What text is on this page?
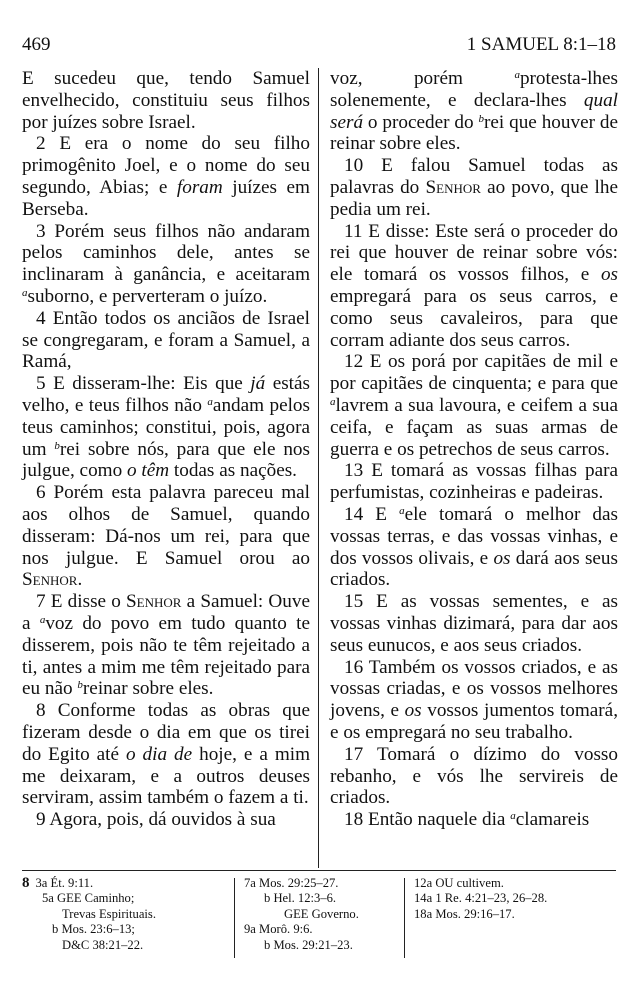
469	1 SAMUEL 8:1–18

E sucedeu que, tendo Samuel envelhecido, constituiu seus filhos por juízes sobre Israel.

2 E era o nome do seu filho primogênito Joel, e o nome do seu segundo, Abias; e foram juízes em Berseba.

3 Porém seus filhos não andaram pelos caminhos dele, antes se inclinaram à ganância, e aceitaram $^a$suborno, e perverteram o juízo.

4 Então todos os anciãos de Israel se congregaram, e foram a Samuel, a Ramá,

5 E disseram-lhe: Eis que já estás velho, e teus filhos não $^a$andam pelos teus caminhos; constitui, pois, agora um $^b$rei sobre nós, para que ele nos julgue, como o têm todas as nações.

6 Porém esta palavra pareceu mal aos olhos de Samuel, quando disseram: Dá-nos um rei, para que nos julgue. E Samuel orou ao Senhor.

7 E disse o Senhor a Samuel: Ouve a $^a$voz do povo em tudo quanto te disserem, pois não te têm rejeitado a ti, antes a mim me têm rejeitado para eu não $^b$reinar sobre eles.

8 Conforme todas as obras que fizeram desde o dia em que os tirei do Egito até o dia de hoje, e a mim me deixaram, e a outros deuses serviram, assim também o fazem a ti.

9 Agora, pois, dá ouvidos à sua

voz, porém $^a$protesta-lhes solenemente, e declara-lhes qual será o proceder do $^b$rei que houver de reinar sobre eles.

10 E falou Samuel todas as palavras do Senhor ao povo, que lhe pedia um rei.

11 E disse: Este será o proceder do rei que houver de reinar sobre vós: ele tomará os vossos filhos, e os empregará para os seus carros, e como seus cavaleiros, para que corram adiante dos seus carros.

12 E os porá por capitães de mil e por capitães de cinquenta; e para que $^a$lavrem a sua lavoura, e ceifem a sua ceifa, e façam as suas armas de guerra e os petrechos de seus carros.

13 E tomará as vossas filhas para perfumistas, cozinheiras e padeiras.

14 E $^a$ele tomará o melhor das vossas terras, e das vossas vinhas, e dos vossos olivais, e os dará aos seus criados.

15 E as vossas sementes, e as vossas vinhas dizimará, para dar aos seus eunucos, e aos seus criados.

16 Também os vossos criados, e as vossas criadas, e os vossos melhores jovens, e os vossos jumentos tomará, e os empregará no seu trabalho.

17 Tomará o dízimo do vosso rebanho, e vós lhe servireis de criados.

18 Então naquele dia $^a$clamareis

8 3a Ét. 9:11.
5a GEE Caminho;
Trevas Espirituais.
b Mos. 23:6–13;
D&C 38:21–22.
7a Mos. 29:25–27.
b Hel. 12:3–6.
GEE Governo.
9a Morô. 9:6.
b Mos. 29:21–23.
12a OU cultivem.
14a 1 Re. 4:21–23, 26–28.
18a Mos. 29:16–17.
